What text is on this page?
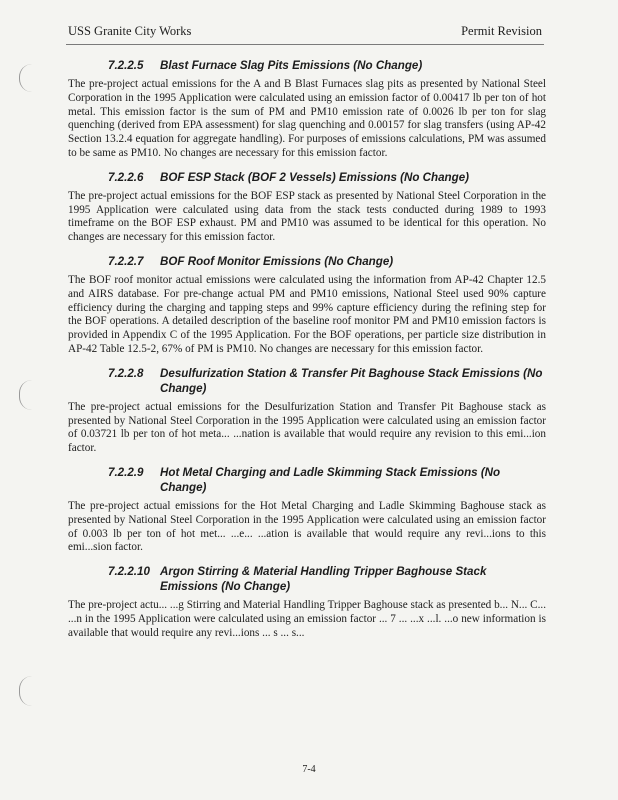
USS Granite City Works	Permit Revision
7.2.2.5	Blast Furnace Slag Pits Emissions (No Change)

The pre-project actual emissions for the A and B Blast Furnaces slag pits as presented by National Steel Corporation in the 1995 Application were calculated using an emission factor of 0.00417 lb per ton of hot metal. This emission factor is the sum of PM and PM10 emission rate of 0.0026 lb per ton for slag quenching (derived from EPA assessment) for slag quenching and 0.00157 for slag transfers (using AP-42 Section 13.2.4 equation for aggregate handling). For purposes of emissions calculations, PM was assumed to be same as PM10. No changes are necessary for this emission factor.

7.2.2.6	BOF ESP Stack (BOF 2 Vessels) Emissions (No Change)

The pre-project actual emissions for the BOF ESP stack as presented by National Steel Corporation in the 1995 Application were calculated using data from the stack tests conducted during 1989 to 1993 timeframe on the BOF ESP exhaust. PM and PM10 was assumed to be identical for this operation. No changes are necessary for this emission factor.

7.2.2.7	BOF Roof Monitor Emissions (No Change)

The BOF roof monitor actual emissions were calculated using the information from AP-42 Chapter 12.5 and AIRS database. For pre-change actual PM and PM10 emissions, National Steel used 90% capture efficiency during the charging and tapping steps and 99% capture efficiency during the refining step for the BOF operations. A detailed description of the baseline roof monitor PM and PM10 emission factors is provided in Appendix C of the 1995 Application. For the BOF operations, per particle size distribution in AP-42 Table 12.5-2, 67% of PM is PM10. No changes are necessary for this emission factor.

7.2.2.8	Desulfurization Station & Transfer Pit Baghouse Stack Emissions (No Change)

The pre-project actual emissions for the Desulfurization Station and Transfer Pit Baghouse stack as presented by National Steel Corporation in the 1995 Application were calculated using an emission factor of 0.03721 lb per ton of hot meta... ...nation is available that would require any revision to this emi...ion factor.

7.2.2.9	Hot Metal Charging and Ladle Skimming Stack Emissions (No Change)

The pre-project actual emissions for the Hot Metal Charging and Ladle Skimming Baghouse stack as presented by National Steel Corporation in the 1995 Application were calculated using an emission factor of 0.003 lb per ton of hot met... ...e... ...ation is available that would require any revi...ions to this emi...sion factor.

7.2.2.10 Argon Stirring & Material Handling Tripper Baghouse Stack Emissions (No Change)

The pre-project actu... ...g Stirring and Material Handling Tripper Baghouse stack as presented b... N... C... ...n in the 1995 Application were calculated using an emission factor ... 7 ... ...x ...l. ...o new information is available that would require any revi...ions ... s ... s...

7-4
